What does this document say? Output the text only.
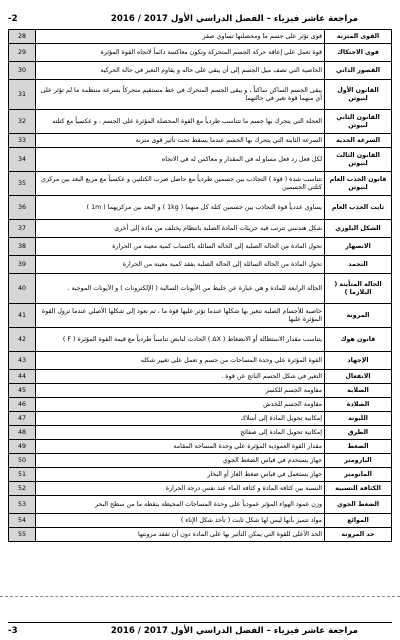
مراجعة عاشر فيزياء – الفصل الدراسي الأول 2017 / 2016
-2
القوى المتزنة	قوى تؤثر على جسم ما ومحصلتها تساوي صفر	28
قوى الاحتكاك	قوة تعمل على إعاقة حركة الجسم المتحركة وتكون معاكسة دائماً لاتجاه القوة المؤثرة	29
القصور الذاتي	الخاصية التي تصف ميل الجسم إلى أن يبقى على حاله و يقاوم التغير في حالة الحركية	30
القانون الأول لنيوتن	يبقى الجسم الساكن ساكناً ، و يبقى الجسم المتحرك في خط مستقيم متحركاً بسرعة منتظمة ما لم تؤثر على أي منهما قوة تغير في حالتهما	31
القانون الثاني لنيوتن	العجلة التي يتحرك بها جسم ما تتناسب طردياً مع القوة المحصلة المؤثرة على الجسم ، و عكسياً مع كتلته	32
السرعة الحدية	السرعة الثابتة التي يتحرك بها الجسم عندما يسقط تحت تأثير قوى متزنة	33
القانون الثالث لنيوتن	لكل فعل رد فعل مساو له في المقدار و معاكس له في الاتجاه	34
قانون الجذب العام لنيوتن	تتناسب شدة ( قوة ) التجاذب بين جسمين طردياً مع حاصل ضرب الكتلتين و عكسياً مع مربع البعد بين مركزي كتلتي الجسمين	35
ثابت الجذب العام	يساوي عددياً قوة التجاذب بين جسمين كتلة كل منهما ( 1kg ) و البعد بين مركزيهما ( 1m )	36
الشكل البلوري	شكل هندسي تترتب فيه جزيئات المادة الصلبة بانتظام يختلف من مادة إلى أخرى	37
الانصهار	تحول المادة من الحالة الصلبة إلى الحالة السائلة باكتساب كمية معينة من الحرارة	38
التجمد	تحول المادة من الحالة السائلة إلى الحالة الصلبة بفقد كمية معينة من الحرارة	39
الحالة المتأينة ( البلازما )	الحالة الرابعة للمادة و هي عبارة عن خليط من الأيونات السالبة ( الإلكترونات ) و الأيونات الموجبة .	40
المرونة	خاصية للأجسام الصلبة تتغير بها شكلها عندما تؤثر عليها قوة ما ، ثم تعود إلى شكلها الأصلي عندما تزول القوة المؤثرة عليها	41
قانون هوك	يتناسب مقدار الاستطالة أو الانضغاط ( ΔX ) الحادث لنابض تناسباً طردياً مع قيمة القوة المؤثرة ( F )	42
الإجهاد	القوة المؤثرة على وحدة المساحات من جسم و تعمل على تغيير شكله	43
الانفعال	التغير في شكل الجسم الناتج عن قوة .	44
الصلابة	مقاومة الجسم للكسر	45
الصلادة	مقاومة الجسم للخدش	46
الليونة	إمكانية تحويل المادة إلى أسلاك	47
الطرق	إمكانية تحويل المادة إلى صفائح	48
الضغط	مقدار القوة العمودية المؤثرة على وحدة المساحة المقامة	49
البارومتر	جهاز يستخدم في قياس الضغط الجوي	50
المانومتر	جهاز يستعمل في قياس ضغط الغاز أو البخار	51
الكثافة النسبية	النسبة بين كثافة المادة و كثافة الماء عند نفس درجة الحرارة	52
الضغط الجوي	وزن عمود الهواء المؤثر عمودياً على وحدة المساحات المحيطة بنقطة ما من سطح البحر	53
الموائع	مواد تتميز بأنها ليس لها شكل ثابت ( تأخذ شكل الإناء )	54
حد المرونة	الحد الأعلى للقوة التي يمكن التأثير بها على المادة دون أن تفقد مرونتها	55
مراجعة عاشر فيزياء – الفصل الدراسي الأول 2017 / 2016
-3
